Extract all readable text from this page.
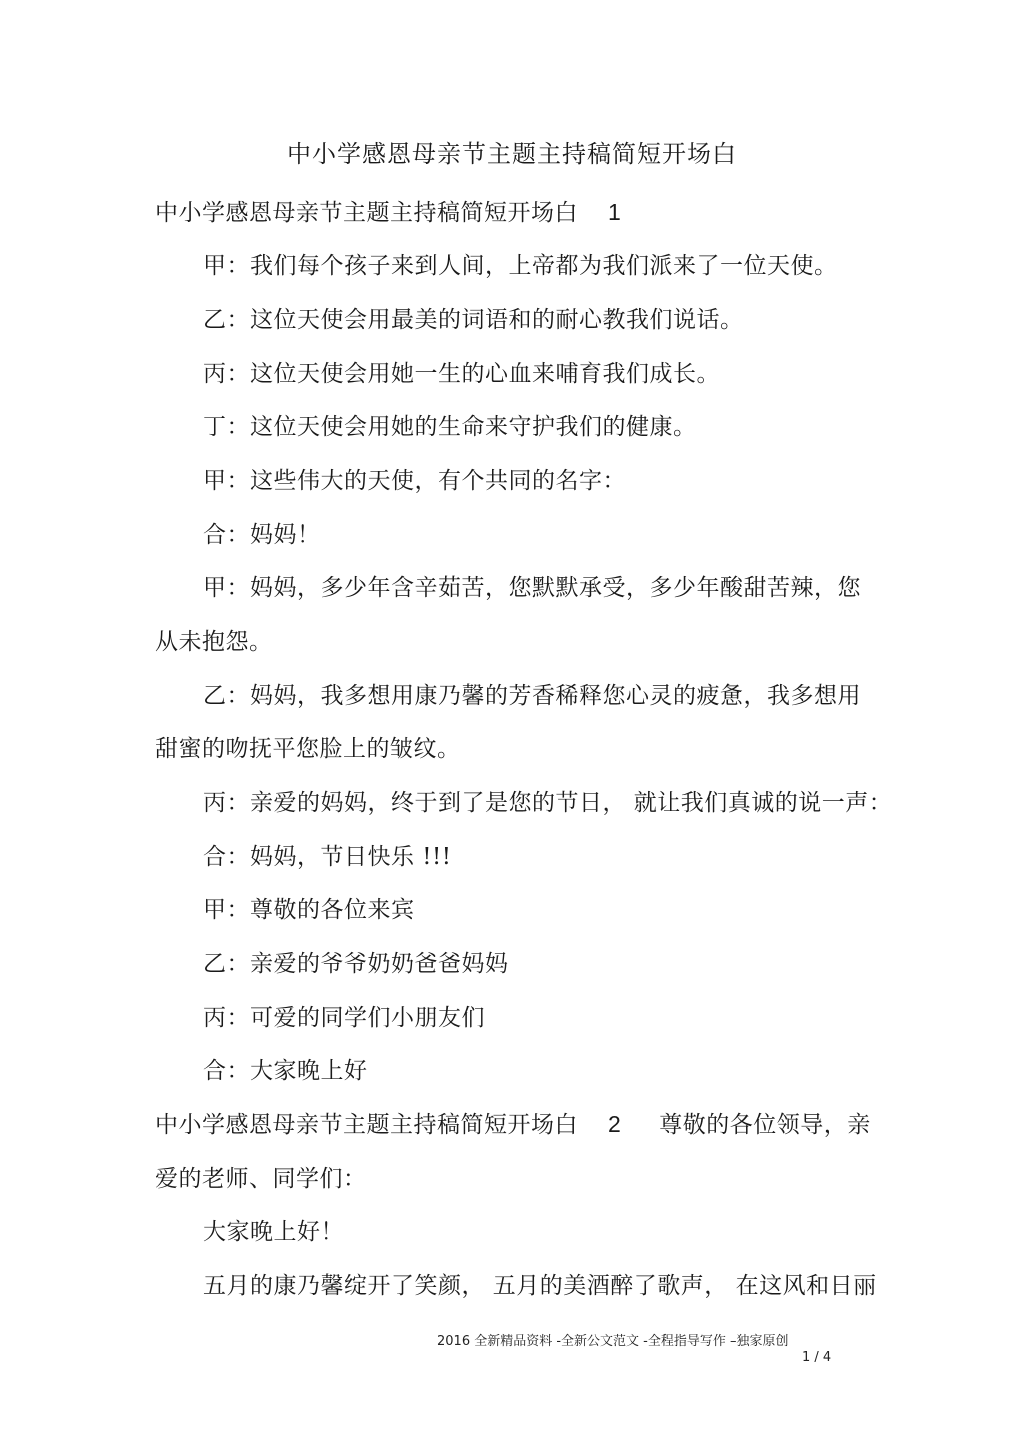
中小学感恩母亲节主题主持稿简短开场白
中小学感恩母亲节主题主持稿简短开场白 1
甲：我们每个孩子来到人间，上帝都为我们派来了一位天使。
乙：这位天使会用最美的词语和的耐心教我们说话。
丙：这位天使会用她一生的心血来哺育我们成长。
丁：这位天使会用她的生命来守护我们的健康。
甲：这些伟大的天使，有个共同的名字：
合：妈妈！
甲：妈妈，多少年含辛茹苦，您默默承受，多少年酸甜苦辣，您
从未抱怨。
乙：妈妈，我多想用康乃馨的芳香稀释您心灵的疲惫，我多想用
甜蜜的吻抚平您脸上的皱纹。
丙：亲爱的妈妈，终于到了是您的节日， 就让我们真诚的说一声：
合：妈妈，节日快乐 !!!
甲：尊敬的各位来宾
乙：亲爱的爷爷奶奶爸爸妈妈
丙：可爱的同学们小朋友们
合：大家晚上好
中小学感恩母亲节主题主持稿简短开场白 2 尊敬的各位领导，亲
爱的老师、同学们：
大家晚上好！
五月的康乃馨绽开了笑颜， 五月的美酒醉了歌声， 在这风和日丽
2016 全新精品资料 -全新公文范文 -全程指导写作 –独家原创
1 / 4
